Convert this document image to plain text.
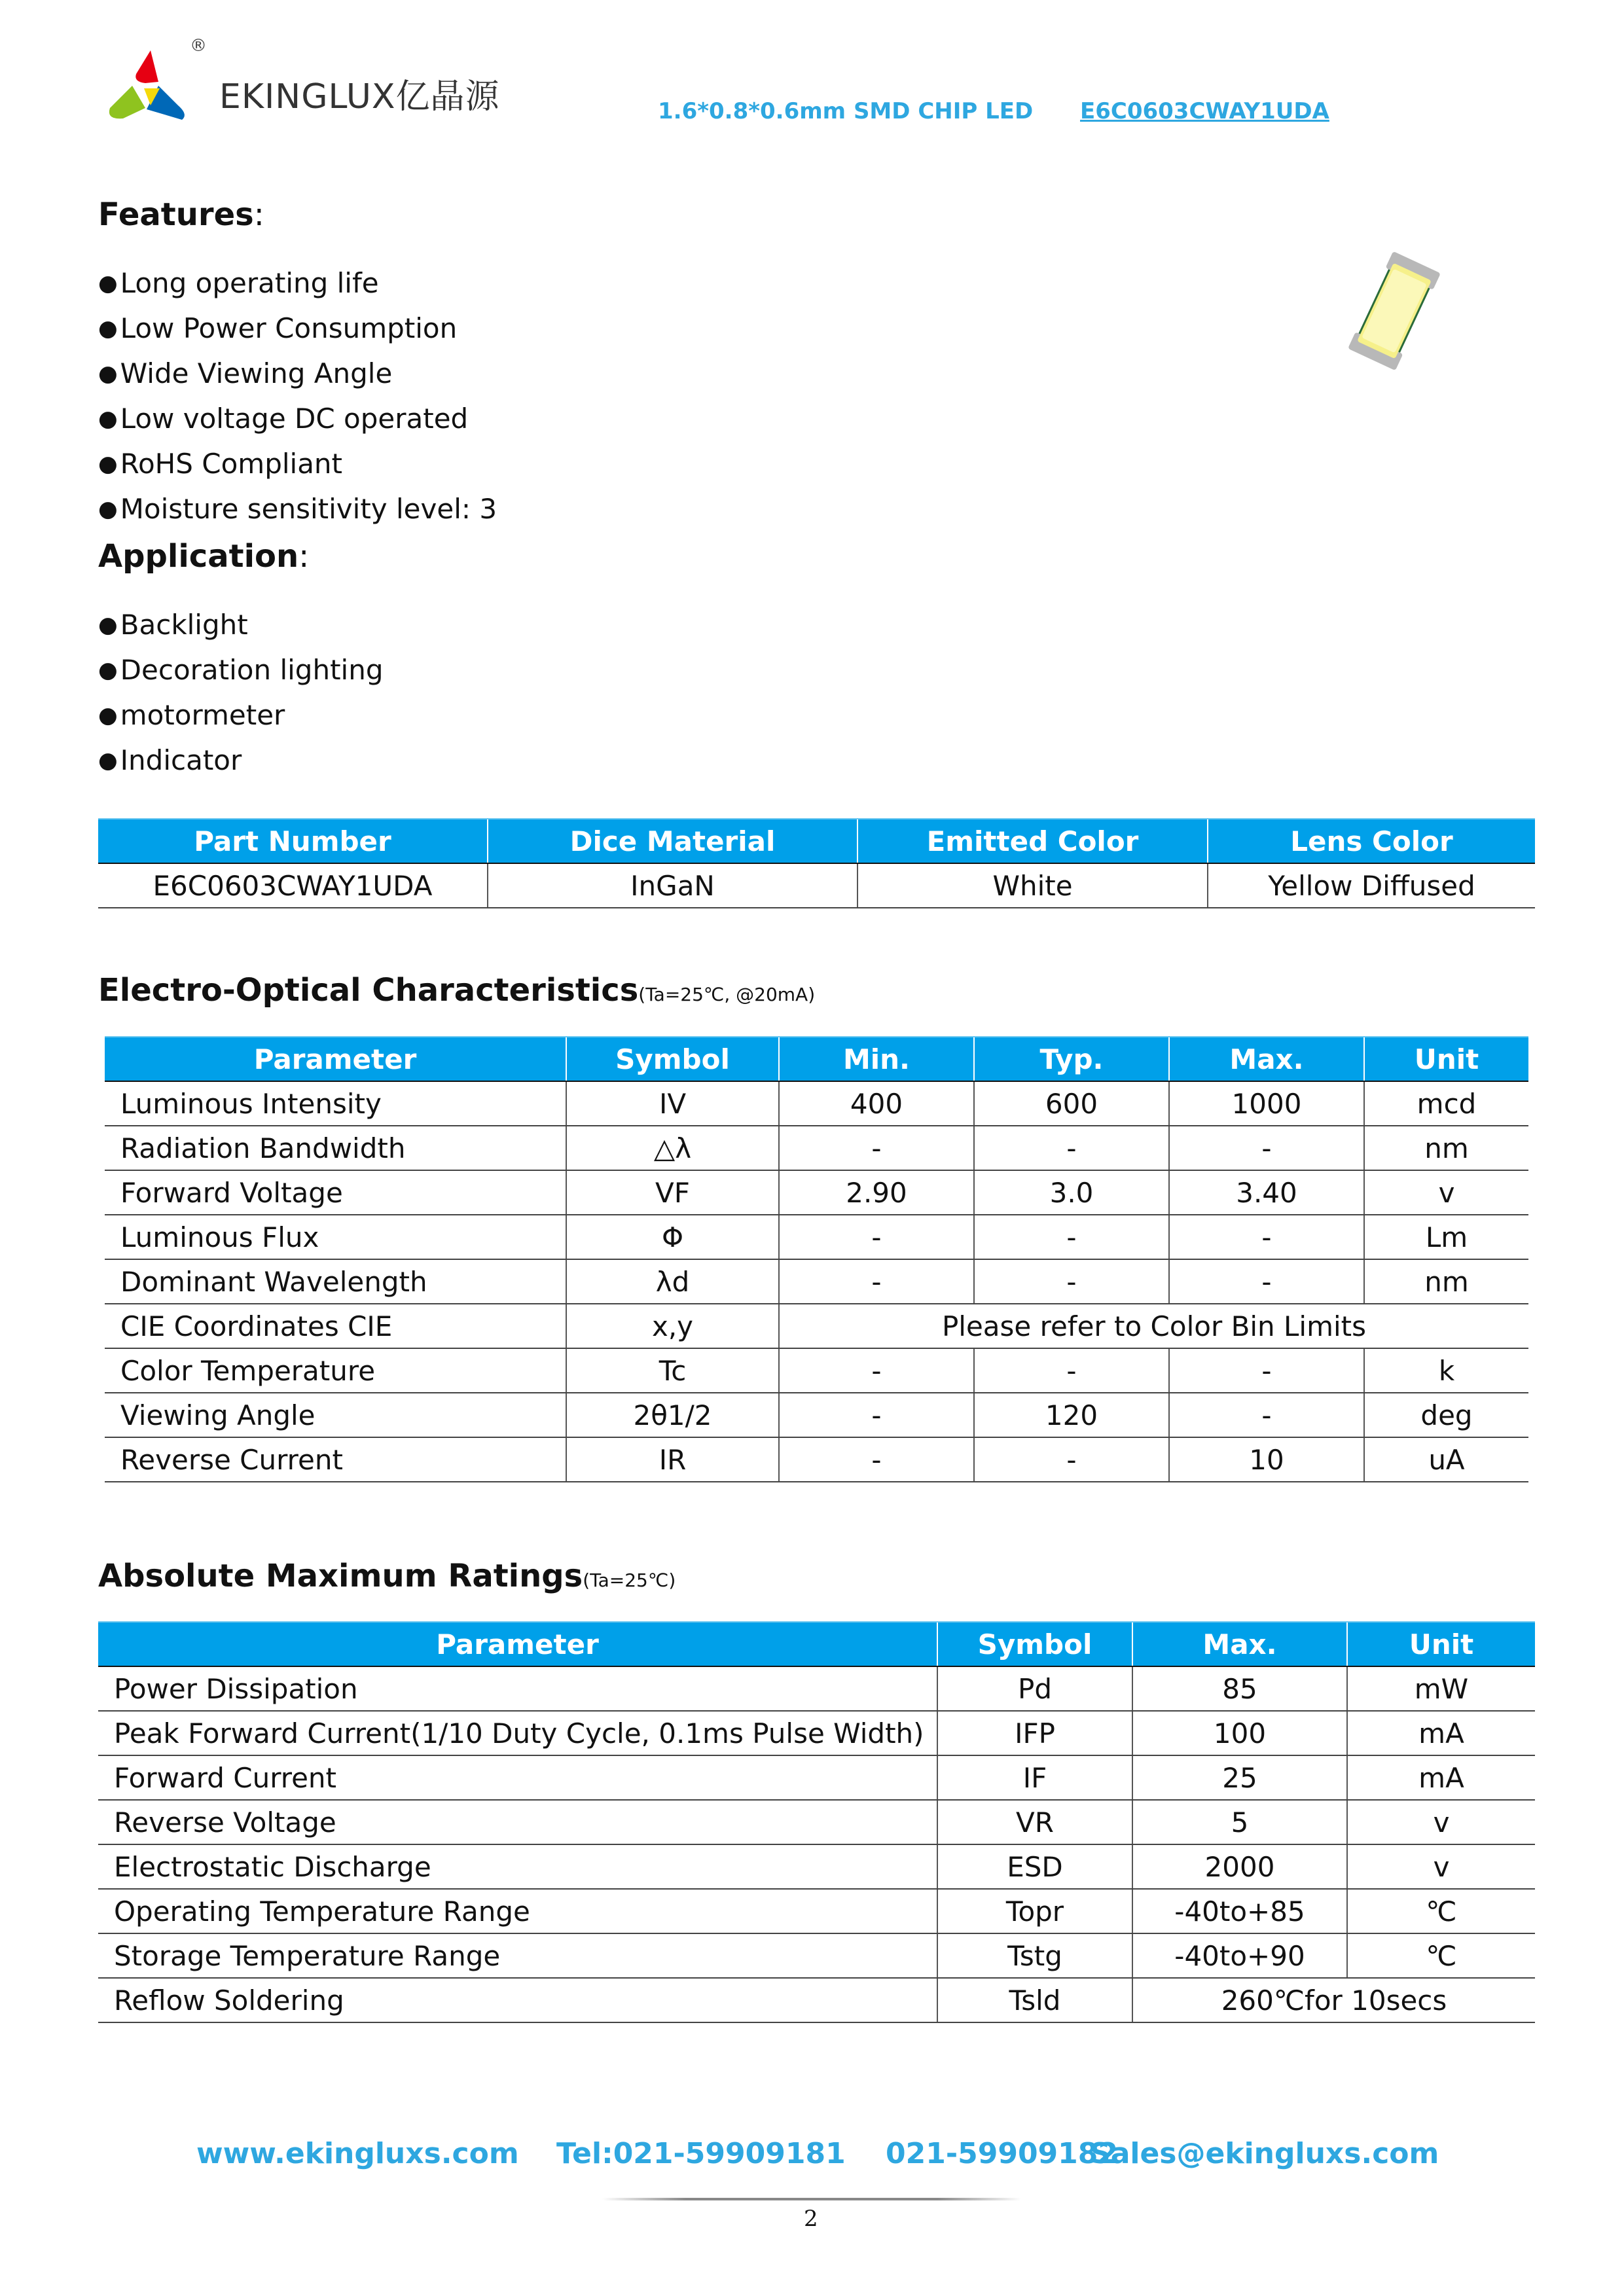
®
EKINGLUX亿晶源	1.6*0.8*0.6mm SMD CHIP LED E6C0603CWAY1UDA
Features:
● Long operating life
● Low Power Consumption
● Wide Viewing Angle
● Low voltage DC operated
● RoHS Compliant
● Moisture sensitivity level: 3
Application:
● Backlight
● Decoration lighting
● motormeter
● Indicator
Part Number	Dice Material	Emitted Color	Lens Color
E6C0603CWAY1UDA	InGaN	White	Yellow Diffused
Electro-Optical Characteristics(Ta=25℃, @20mA)
Parameter	Symbol	Min.	Typ.	Max.	Unit
Luminous Intensity	IV	400	600	1000	mcd
Radiation Bandwidth	△λ	-	-	-	nm
Forward Voltage	VF	2.90	3.0	3.40	v
Luminous Flux	Φ	-	-	-	Lm
Dominant Wavelength	λd	-	-	-	nm
CIE Coordinates CIE	x,y	Please refer to Color Bin Limits			
Color Temperature	Tc	-	-	-	k
Viewing Angle	2θ1/2	-	120	-	deg
Reverse Current	IR	-	-	10	uA
Absolute Maximum Ratings(Ta=25℃)
Parameter	Symbol	Max.	Unit
Power Dissipation	Pd	85	mW
Peak Forward Current(1/10 Duty Cycle, 0.1ms Pulse Width)	IFP	100	mA
Forward Current	IF	25	mA
Reverse Voltage	VR	5	v
Electrostatic Discharge	ESD	2000	v
Operating Temperature Range	Topr	-40to+85	℃
Storage Temperature Range	Tstg	-40to+90	℃
Reflow Soldering	Tsld	260℃for 10secs	
www.ekingluxs.com Tel:021-59909181    021-59909182
Sales@ekingluxs.com
2
